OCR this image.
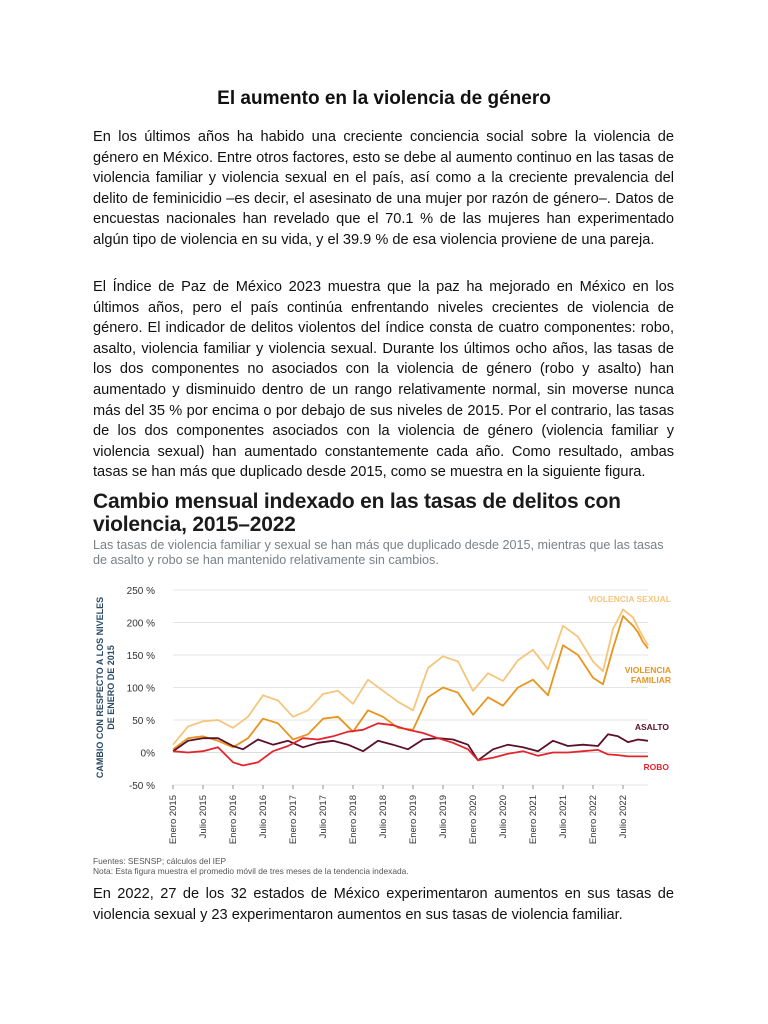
El aumento en la violencia de género

En los últimos años ha habido una creciente conciencia social sobre la violencia de género en México. Entre otros factores, esto se debe al aumento continuo en las tasas de violencia familiar y violencia sexual en el país, así como a la creciente prevalencia del delito de feminicidio –es decir, el asesinato de una mujer por razón de género–. Datos de encuestas nacionales han revelado que el 70.1 % de las mujeres han experimentado algún tipo de violencia en su vida, y el 39.9 % de esa violencia proviene de una pareja.

El Índice de Paz de México 2023 muestra que la paz ha mejorado en México en los últimos años, pero el país continúa enfrentando niveles crecientes de violencia de género. El indicador de delitos violentos del índice consta de cuatro componentes: robo, asalto, violencia familiar y violencia sexual. Durante los últimos ocho años, las tasas de los dos componentes no asociados con la violencia de género (robo y asalto) han aumentado y disminuido dentro de un rango relativamente normal, sin moverse nunca más del 35 % por encima o por debajo de sus niveles de 2015. Por el contrario, las tasas de los dos componentes asociados con la violencia de género (violencia familiar y violencia sexual) han aumentado constantemente cada año. Como resultado, ambas tasas se han más que duplicado desde 2015, como se muestra en la siguiente figura.

Cambio mensual indexado en las tasas de delitos con violencia, 2015–2022

Las tasas de violencia familiar y sexual se han más que duplicado desde 2015, mientras que las tasas de asalto y robo se han mantenido relativamente sin cambios.

250 %
200 %
150 %
100 %
50 %
0%
-50 %
CAMBIO CON RESPECTO A LOS NIVELESDE ENERO DE 2015
Enero 2015 Julio 2015 Enero 2016 Julio 2016 Enero 2017 Julio 2017 Enero 2018 Julio 2018 Enero 2019 Julio 2019 Enero 2020 Julio 2020 Enero 2021 Julio 2021 Enero 2022 Julio 2022
VIOLENCIA SEXUAL
VIOLENCIA
FAMILIAR
ASALTO
ROBO

Fuentes: SESNSP; cálculos del IEP

Nota: Esta figura muestra el promedio móvil de tres meses de la tendencia indexada.

En 2022, 27 de los 32 estados de México experimentaron aumentos en sus tasas de violencia sexual y 23 experimentaron aumentos en sus tasas de violencia familiar.
